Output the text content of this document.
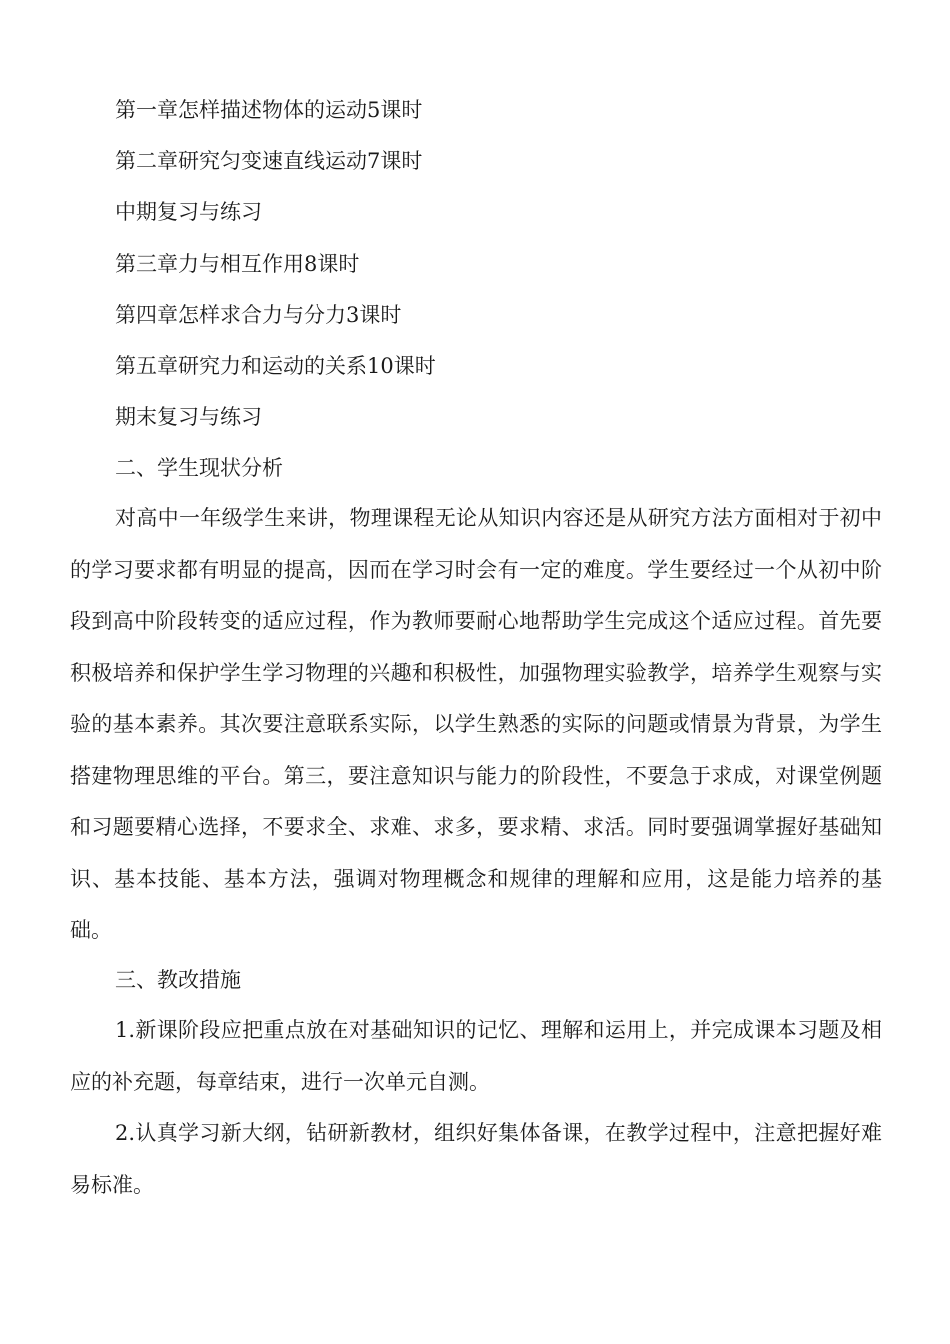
第一章怎样描述物体的运动5课时
第二章研究匀变速直线运动7课时
中期复习与练习
第三章力与相互作用8课时
第四章怎样求合力与分力3课时
第五章研究力和运动的关系10课时
期末复习与练习
二、学生现状分析
对高中一年级学生来讲，物理课程无论从知识内容还是从研究方法方面相对于初中的学习要求都有明显的提高，因而在学习时会有一定的难度。学生要经过一个从初中阶段到高中阶段转变的适应过程，作为教师要耐心地帮助学生完成这个适应过程。首先要积极培养和保护学生学习物理的兴趣和积极性，加强物理实验教学，培养学生观察与实验的基本素养。其次要注意联系实际，以学生熟悉的实际的问题或情景为背景，为学生搭建物理思维的平台。第三，要注意知识与能力的阶段性，不要急于求成，对课堂例题和习题要精心选择，不要求全、求难、求多，要求精、求活。同时要强调掌握好基础知识、基本技能、基本方法，强调对物理概念和规律的理解和应用，这是能力培养的基础。
三、教改措施
1.新课阶段应把重点放在对基础知识的记忆、理解和运用上，并完成课本习题及相应的补充题，每章结束，进行一次单元自测。
2.认真学习新大纲，钻研新教材，组织好集体备课，在教学过程中，注意把握好难易标准。
